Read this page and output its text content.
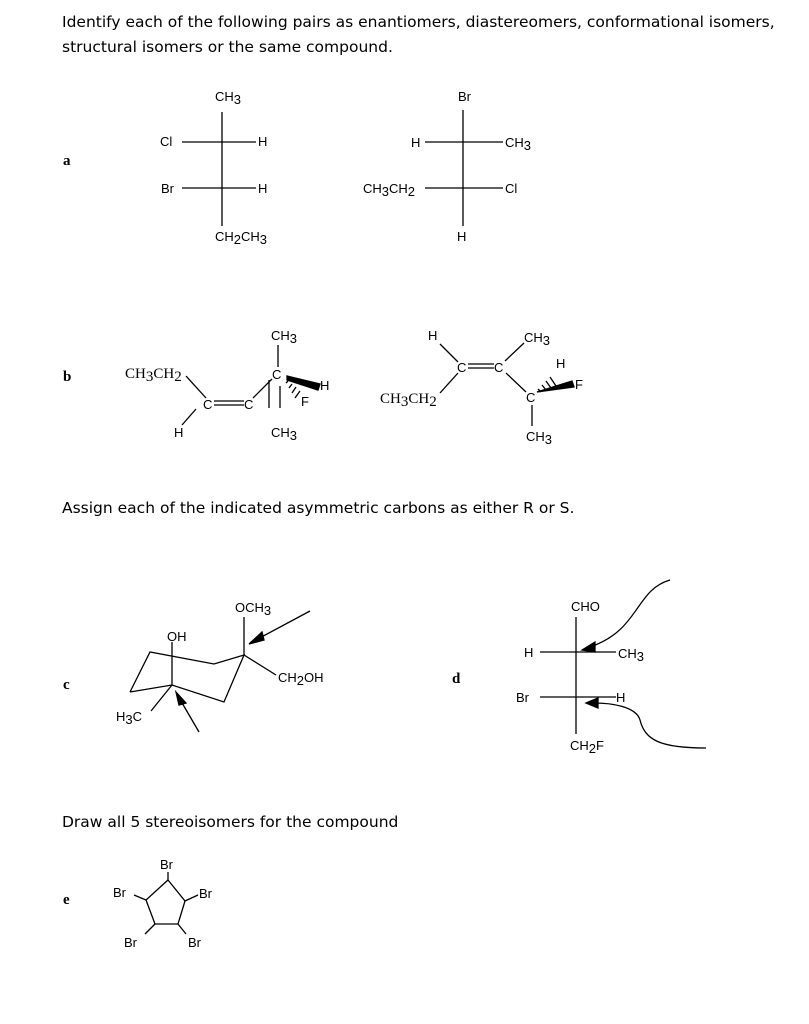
Identify each of the following pairs as enantiomers, diastereomers, conformational isomers, structural isomers or the same compound.
Assign each of the indicated asymmetric carbons as either R or S.
Draw all 5 stereoisomers for the compound
a
b
c	d
e
CH3
Cl	H
Br	H
CH2CH3
Br
H	CH3
CH3CH2	Cl
H
CH3CH2
C C
H
C
CH3
H
F
CH3
H
C C
CH3CH2
CH3
C
H
F
CH3
OH
H3C
OCH3
CH2OH
CHO
H	CH3
Br	H
CH2F
Br
Br	Br
Br	Br
